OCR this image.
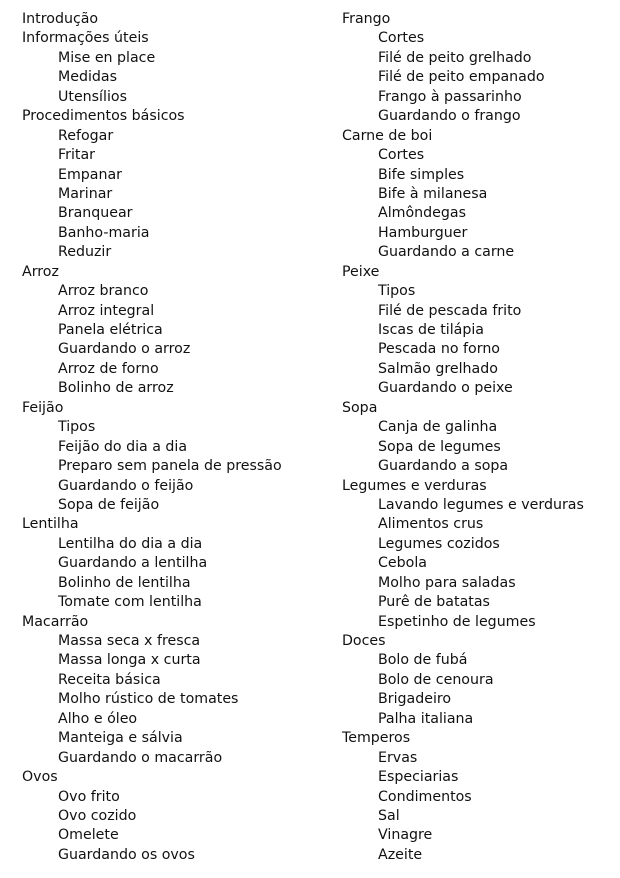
Introdução
Informações úteis
Mise en place
Medidas
Utensílios
Procedimentos básicos
Refogar
Fritar
Empanar
Marinar
Branquear
Banho-maria
Reduzir
Arroz
Arroz branco
Arroz integral
Panela elétrica
Guardando o arroz
Arroz de forno
Bolinho de arroz
Feijão
Tipos
Feijão do dia a dia
Preparo sem panela de pressão
Guardando o feijão
Sopa de feijão
Lentilha
Lentilha do dia a dia
Guardando a lentilha
Bolinho de lentilha
Tomate com lentilha
Macarrão
Massa seca x fresca
Massa longa x curta
Receita básica
Molho rústico de tomates
Alho e óleo
Manteiga e sálvia
Guardando o macarrão
Ovos
Ovo frito
Ovo cozido
Omelete
Guardando os ovos
Frango
Cortes
Filé de peito grelhado
Filé de peito empanado
Frango à passarinho
Guardando o frango
Carne de boi
Cortes
Bife simples
Bife à milanesa
Almôndegas
Hamburguer
Guardando a carne
Peixe
Tipos
Filé de pescada frito
Iscas de tilápia
Pescada no forno
Salmão grelhado
Guardando o peixe
Sopa
Canja de galinha
Sopa de legumes
Guardando a sopa
Legumes e verduras
Lavando legumes e verduras
Alimentos crus
Legumes cozidos
Cebola
Molho para saladas
Purê de batatas
Espetinho de legumes
Doces
Bolo de fubá
Bolo de cenoura
Brigadeiro
Palha italiana
Temperos
Ervas
Especiarias
Condimentos
Sal
Vinagre
Azeite
